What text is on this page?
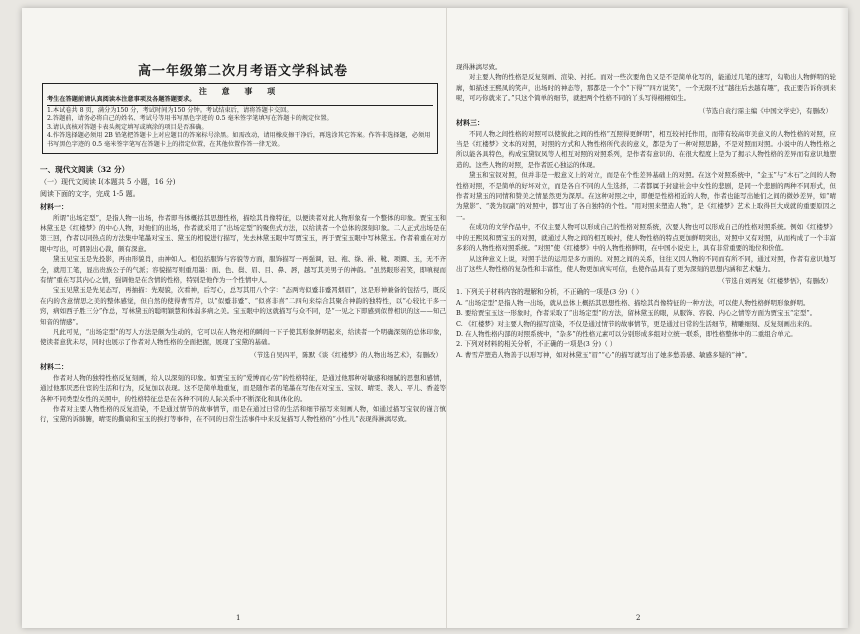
高一年级第二次月考语文学科试卷
注 意 事 项

考生在答题前请认真阅读本注意事项及各题答题要求。

1.本试卷共 8 页，满分为150 分，考试时间为150 分钟。考试结束后，请将答题卡交回。

2.答题前，请务必将自己的姓名、考试号等用书写黑色字迹的 0.5 毫米签字笔填写在答题卡的规定位置。

3.请认真核对答题卡表头规定填写或填涂的项目是否准确。

4.作答选择题必须用 2B 铅笔把答题卡上对应题目的答案标号涂黑。如需改动，请用橡皮擦干净后，再选涂其它答案。作答非选择题，必须用书写黑色字迹的 0.5 毫米签字笔写在答题卡上的指定位置，在其他位置作答一律无效。

一、现代文阅读（32 分）
（一）现代文阅读 I(本题共 5 小题，16 分)
阅读下面的文字，完成 1-5 题。
材料一：

所谓“出场定型”，是指人物一出场，作者即当体概括其思想性格，描绘其肖像特征，以便读者对此人物形象有一个整体的印象。贾宝玉和林黛玉是《红楼梦》的中心人物，对他们的出场，作者就采用了“出场定型”的聚焦式方法，以给读者一个总体的深刻印象。二人正式出场是在第三回，作者以同热点的方法集中笔墨对宝玉、黛玉的相貌进行描写，先去林黛玉眼中写贾宝玉，再于贾宝玉眼中写林黛玉。作者着重在对方眼中写出，可谓别出心裁，颇有深意。

黛玉见宝玉是先投影，再由形貌肖，由神如人。相包括服饰与容貌等方面，服饰描写一再强调，冠、袍、绦、褂、靴、项圈、玉，无不齐全，就用工笔，显出贵族公子的气派；容貌描写则重用墨：面、色、鬓、眉、目、鼻、唇，越写其美男子的神韵。“虽然眼形若笑，即嗔视而有情”重在写其内心之情，强调他是在含情的性格，特别是他作为一个性情中人。

宝玉见黛玉是先见态写，再抽描：先观貌，次看神，后写心，总写其用八个字：“态两弯似蹙非蹙罥烟眉”，这是形神兼备的包括弓，既反在内的含意情思之美的整体感觉，但自然的使得曹雪芹，以“似蹙非蹙”、“似喜非喜”二四句来综合其聚合神韵的独特性，以“心较比干多一窍，病如西子胜三分”作总，写林黛玉的聪明颖慧和体弱多病之美。宝玉眼中的这就描写与众不同，是“一见之下即感到似曾相识的这——知己知音的情感”。

凡此可见，“出场定型”的写人方法是颇为生动的，它可以在人物亮相的瞬间一下子使其形象鲜明起来，给读者一个明确深刻的总体印象，使读者意犹未尽，同时也展示了作者对人物性格的全面把握，展现了宝黛的基础。

（节选自吴四平，陈默《谈《红楼梦》的人物出场艺术》，有删改）
材料二：

作者对人物的独特性格反复刻画，给人以深刻的印象。如贾宝玉的“爱博而心劳”的性格特征，是通过他那种对敏感和细腻的思想和感情，通过他那厌恶仕宦的生活和行为，反复加以表现。这不是简单地重复，而是随作者的笔墨在写他在对宝玉、宝钗、晴雯、袭人、平儿、香菱等各种不同类型女性的关照中，的性格特征总是在各种不同的人际关系中不断深化和具体化的。

作者对主要人物性格的反复渲染，不是通过情节的故事情节，而是在通过日常的生活和细节描写来刻画人物，如通过描写宝钗的谨言慎行，宝黛的诉肺腑，晴雯的撕扇和宝玉的挨打等事件，在不同的日常生活事件中来反复描写人物性格的“小性儿”表现得淋漓尽致。

1

现得淋漓尽致。

对主要人物的性格是反复刻画、渲染、衬托。而对一些次要角色又是不是简单化写的，能通过几笔的速写，勾勒出人物鲜明的轮廓，如描述王熙凤的笑声，出场时的神态等，那都是一个个“下得”“四方说笑”，一个无限不过“越往后去越有趣”，我正要告诉你到来呢，可巧你就来了。”只这个简单的细节，就把两个性格不同的丫头写得栩栩如生。

（节选自袁行霈主编《中国文学史》，有删改）
材料三：

不同人物之间性格的对照可以使彼此之间的性格“互照得更鲜明”，相互较衬托作用，而带有较高审美意义的人物性格的对照，应当是《红楼梦》文本的对照，对照的方式和人物性格所代表的意义，都是为了一种对照思路，不是对照而对照。小说中的人物性格之所以能各具特色，构成宝黛钗凤等人相互对照的对照系列，是作者有意识的、在很大程度上是为了揭示人物性格的差异而有意识地塑造的。这些人物的对照，是作者匠心独运的体现。

黛玉和宝钗对照，但并非是一般意义上的对立，而是在个性差异基础上的对照。在这个对照系统中，“金玉”与“木石”之间的人物性格对照，不是简单的好坏对立，而是各自不同的人生选择，二者都属于封建社会中女性的悲剧，是同一个悲剧的两种不同形式，但作者对黛玉的同情和赞美之情显然更为深厚。在这种对照之中，即便是性格相近的人物，作者也能写出她们之间的微妙差异，如“晴为黛影”、“袭为钗副”的对照中，都写出了各自独特的个性。“用对照来塑造人物”，是《红楼梦》艺术上取得巨大成就的重要原因之一。

在成功的文学作品中，不仅主要人物可以形成自己的性格对照系统，次要人物也可以形成自己的性格对照系统。例如《红楼梦》中的王熙凤和贾宝玉的对照，就通过人物之间的相互映衬，使人物性格的特点更加鲜明突出，对照中又有对照，从而构成了一个丰富多彩的人物性格对照系统。“对照”使《红楼梦》中的人物性格鲜明，在中国小说史上，具有非常重要的地位和价值。

从这种意义上说，对照手法的运用是多方面的。对照之间的关系，往往又因人物的不同而有所不同，通过对照，作者有意识地写出了这些人物性格的复杂性和丰富性，使人物更加真实可信，也使作品具有了更为深刻的思想内涵和艺术魅力。

（节选自刘再复《红楼梦悟》，有删改）

1. 下列关于材料内容的理解和分析，不正确的一项是(3 分)（ ）

A. “出场定型”是指人物一出场，就从总体上概括其思想性格、描绘其肖像特征的一种方法，可以使人物性格鲜明形象鲜明。

B. 要给贾宝玉这一形象时，作者采取了“出场定型”的方法，留林黛玉的眼，从服饰、容貌、内心之情等方面为贾宝玉“定型”。

C. 《红楼梦》对主要人物的描写渲染，不仅是通过情节的故事情节，更是通过日常的生活细节，精雕细刻、反复刻画出来的。

D. 在人物性格内部的对照系统中，“杂多”的性格元素可以分别形成多组对立统一联系，即性格整体中的二重组合单元。

2. 下列对材料的相关分析，不正确的一项是(3 分)（ ）

A. 曹雪芹塑造人物善于以形写神，如对林黛玉“眉”“心”的描写就写出了她多愁善感、敏感多疑的“神”。

2
